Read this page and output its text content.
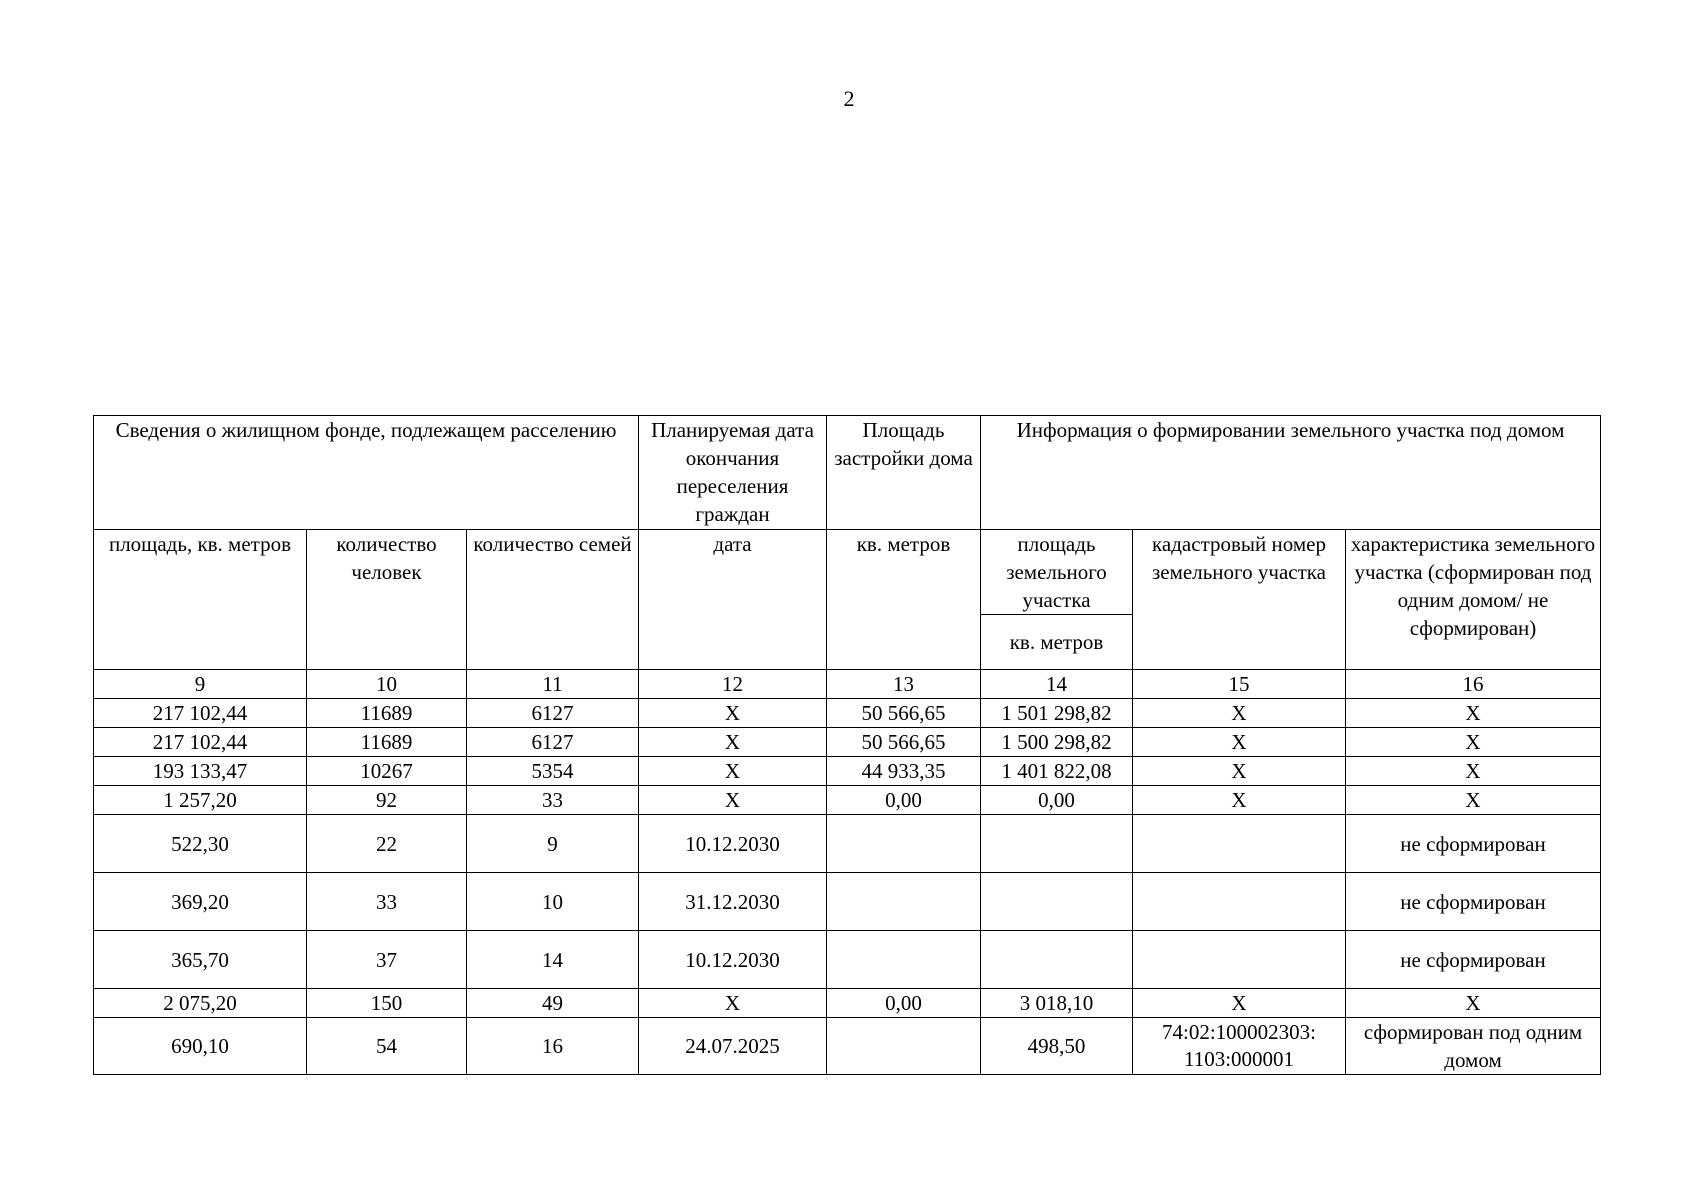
2
Сведения о жилищном фонде, подлежащем расселению			Планируемая дата окончания переселения граждан	Площадь застройки дома	Информация о формировании земельного участка под домом		
площадь, кв. метров	количество человек	количество семей	дата	кв. метров	площадь земельного участка	кадастровый номер земельного участка	характеристика земельного участка (сформирован под одним домом/ не сформирован)
					кв. метров		
9	10	11	12	13	14	15	16
217 102,44	11689	6127	X	50 566,65	1 501 298,82	X	X
217 102,44	11689	6127	X	50 566,65	1 500 298,82	X	X
193 133,47	10267	5354	X	44 933,35	1 401 822,08	X	X
1 257,20	92	33	X	0,00	0,00	X	X
522,30	22	9	10.12.2030				не сформирован
369,20	33	10	31.12.2030				не сформирован
365,70	37	14	10.12.2030				не сформирован
2 075,20	150	49	X	0,00	3 018,10	X	X
690,10	54	16	24.07.2025		498,50	74:02:100002303: 1103:000001	сформирован под одним домом
